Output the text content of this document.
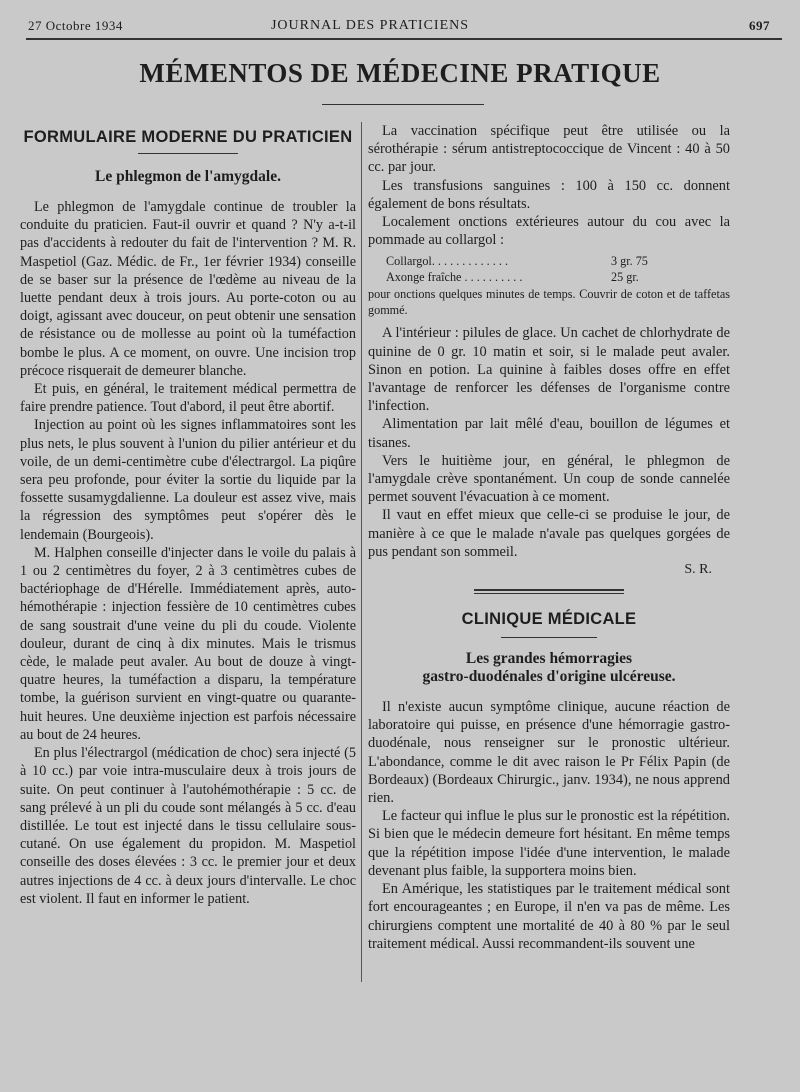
27 Octobre 1934	JOURNAL DES PRATICIENS	697
MÉMENTOS DE MÉDECINE PRATIQUE
FORMULAIRE MODERNE DU PRATICIEN
Le phlegmon de l'amygdale.

Le phlegmon de l'amygdale continue de troubler la conduite du praticien. Faut-il ouvrir et quand ? N'y a-t-il pas d'accidents à redouter du fait de l'intervention ? M. R. Maspetiol (Gaz. Médic. de Fr., 1er février 1934) conseille de se baser sur la présence de l'œdème au niveau de la luette pendant deux à trois jours. Au porte-coton ou au doigt, agissant avec douceur, on peut obtenir une sensation de résistance ou de mollesse au point où la tuméfaction bombe le plus. A ce moment, on ouvre. Une incision trop précoce risquerait de demeurer blanche.

Et puis, en général, le traitement médical permettra de faire prendre patience. Tout d'abord, il peut être abortif.

Injection au point où les signes inflammatoires sont les plus nets, le plus souvent à l'union du pilier antérieur et du voile, de un demi-centimètre cube d'électrargol. La piqûre sera peu profonde, pour éviter la sortie du liquide par la fossette susamygdalienne. La douleur est assez vive, mais la régression des symptômes peut s'opérer dès le lendemain (Bourgeois).

M. Halphen conseille d'injecter dans le voile du palais à 1 ou 2 centimètres du foyer, 2 à 3 centimètres cubes de bactériophage de d'Hérelle. Immédiatement après, auto-hémothérapie : injection fessière de 10 centimètres cubes de sang soustrait d'une veine du pli du coude. Violente douleur, durant de cinq à dix minutes. Mais le trismus cède, le malade peut avaler. Au bout de douze à vingt-quatre heures, la tuméfaction a disparu, la température tombe, la guérison survient en vingt-quatre ou quarante-huit heures. Une deuxième injection est parfois nécessaire au bout de 24 heures.

En plus l'électrargol (médication de choc) sera injecté (5 à 10 cc.) par voie intra-musculaire deux à trois jours de suite. On peut continuer à l'autohémothérapie : 5 cc. de sang prélevé à un pli du coude sont mélangés à 5 cc. d'eau distillée. Le tout est injecté dans le tissu cellulaire sous-cutané. On use également du propidon. M. Maspetiol conseille des doses élevées : 3 cc. le premier jour et deux autres injections de 4 cc. à deux jours d'intervalle. Le choc est violent. Il faut en informer le patient.

La vaccination spécifique peut être utilisée ou la sérothérapie : sérum antistreptococcique de Vincent : 40 à 50 cc. par jour.

Les transfusions sanguines : 100 à 150 cc. donnent également de bons résultats.

Localement onctions extérieures autour du cou avec la pommade au collargol :

Collargol. . . . . . . . . . . . .	3 gr. 75
Axonge fraîche . . . . . . . . . .	25 gr.

pour onctions quelques minutes de temps. Couvrir de coton et de taffetas gommé.

A l'intérieur : pilules de glace. Un cachet de chlorhydrate de quinine de 0 gr. 10 matin et soir, si le malade peut avaler. Sinon en potion. La quinine à faibles doses offre en effet l'avantage de renforcer les défenses de l'organisme contre l'infection.

Alimentation par lait mêlé d'eau, bouillon de légumes et tisanes.

Vers le huitième jour, en général, le phlegmon de l'amygdale crève spontanément. Un coup de sonde cannelée permet souvent l'évacuation à ce moment.

Il vaut en effet mieux que celle-ci se produise le jour, de manière à ce que le malade n'avale pas quelques gorgées de pus pendant son sommeil.

S. R.
CLINIQUE MÉDICALE
Les grandes hémorragies
gastro-duodénales d'origine ulcéreuse.

Il n'existe aucun symptôme clinique, aucune réaction de laboratoire qui puisse, en présence d'une hémorragie gastro-duodénale, nous renseigner sur le pronostic ultérieur. L'abondance, comme le dit avec raison le Pr Félix Papin (de Bordeaux) (Bordeaux Chirurgic., janv. 1934), ne nous apprend rien.

Le facteur qui influe le plus sur le pronostic est la répétition. Si bien que le médecin demeure fort hésitant. En même temps que la répétition impose l'idée d'une intervention, le malade devenant plus faible, la supportera moins bien.

En Amérique, les statistiques par le traitement médical sont fort encourageantes ; en Europe, il n'en va pas de même. Les chirurgiens comptent une mortalité de 40 à 80 % par le seul traitement médical. Aussi recommandent-ils souvent une
